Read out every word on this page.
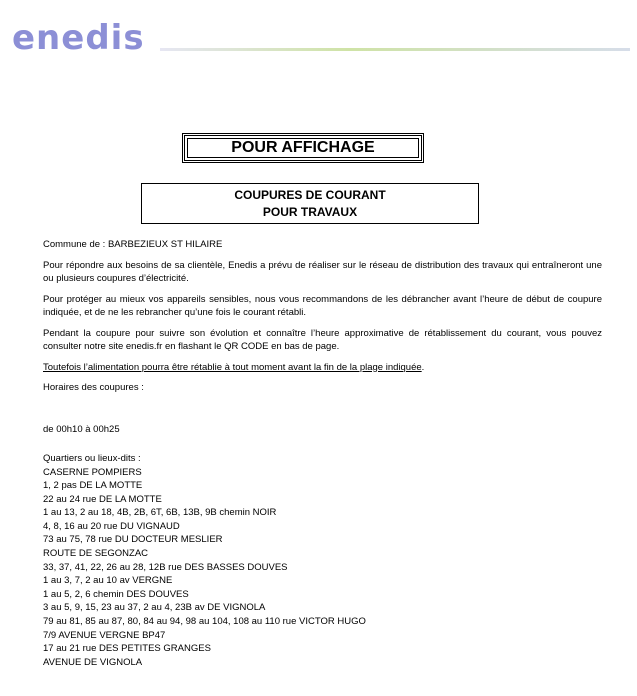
enedis
POUR AFFICHAGE
COUPURES DE COURANT
POUR TRAVAUX

Commune de : BARBEZIEUX ST HILAIRE

Pour répondre aux besoins de sa clientèle, Enedis a prévu de réaliser sur le réseau de distribution des travaux qui entraîneront une ou plusieurs coupures d’électricité.

Pour protéger au mieux vos appareils sensibles, nous vous recommandons de les débrancher avant l’heure de début de coupure indiquée, et de ne les rebrancher qu’une fois le courant rétabli.

Pendant la coupure pour suivre son évolution et connaître l’heure approximative de rétablissement du courant, vous pouvez consulter notre site enedis.fr en flashant le QR CODE en bas de page.

Toutefois l’alimentation pourra être rétablie à tout moment avant la fin de la plage indiquée.

Horaires des coupures :

de 00h10 à 00h25

Quartiers ou lieux-dits :
CASERNE POMPIERS
1, 2 pas DE LA MOTTE
22 au 24 rue DE LA MOTTE
1 au 13, 2 au 18, 4B, 2B, 6T, 6B, 13B, 9B chemin NOIR
4, 8, 16 au 20 rue DU VIGNAUD
73 au 75, 78 rue DU DOCTEUR MESLIER
ROUTE DE SEGONZAC
33, 37, 41, 22, 26 au 28, 12B rue DES BASSES DOUVES
1 au 3, 7, 2 au 10 av VERGNE
1 au 5, 2, 6 chemin DES DOUVES
3 au 5, 9, 15, 23 au 37, 2 au 4, 23B av DE VIGNOLA
79 au 81, 85 au 87, 80, 84 au 94, 98 au 104, 108 au 110 rue VICTOR HUGO
7/9 AVENUE VERGNE BP47
17 au 21 rue DES PETITES GRANGES
AVENUE DE VIGNOLA
